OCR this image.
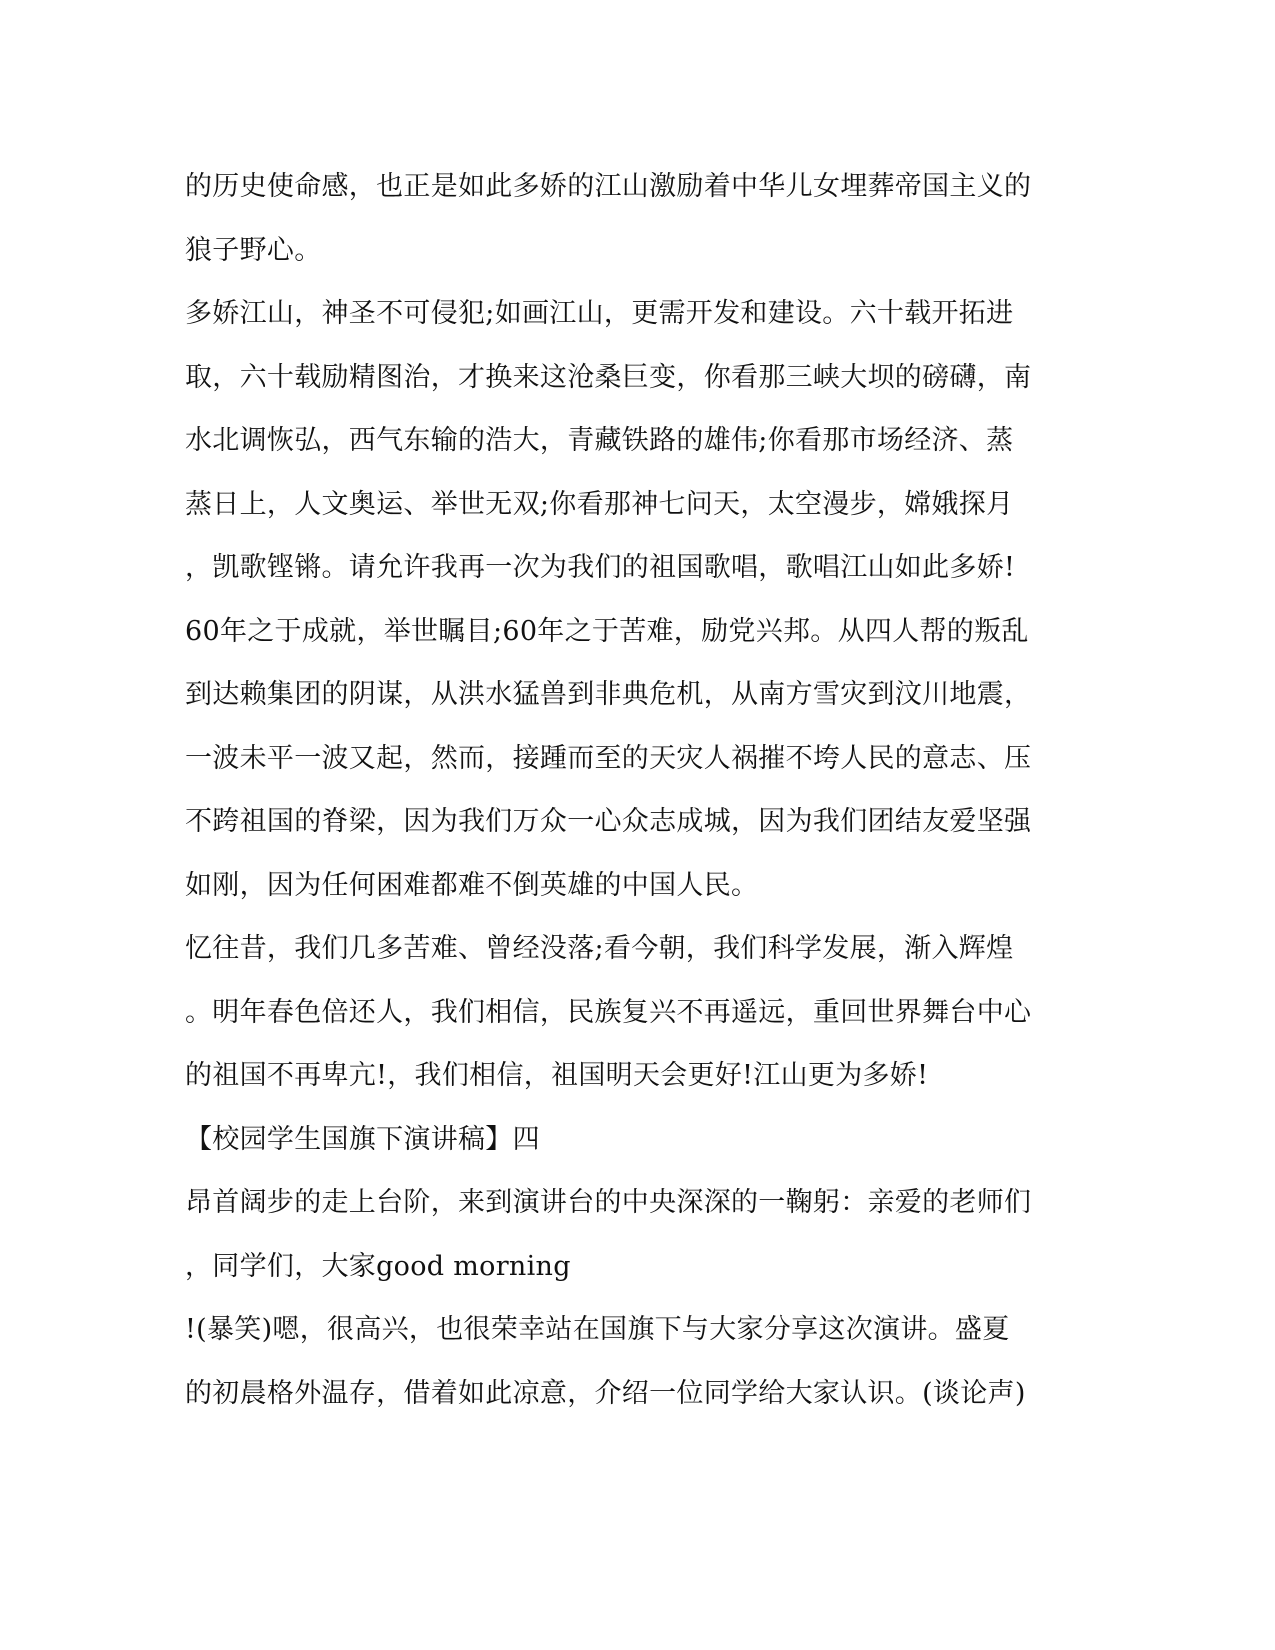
的历史使命感，也正是如此多娇的江山激励着中华儿女埋葬帝国主义的
狼子野心。
多娇江山，神圣不可侵犯;如画江山，更需开发和建设。六十载开拓进
取，六十载励精图治，才换来这沧桑巨变，你看那三峡大坝的磅礴，南
水北调恢弘，西气东输的浩大，青藏铁路的雄伟;你看那市场经济、蒸
蒸日上，人文奥运、举世无双;你看那神七问天，太空漫步，嫦娥探月
，凯歌铿锵。请允许我再一次为我们的祖国歌唱，歌唱江山如此多娇!
60年之于成就，举世瞩目;60年之于苦难，励党兴邦。从四人帮的叛乱
到达赖集团的阴谋，从洪水猛兽到非典危机，从南方雪灾到汶川地震，
一波未平一波又起，然而，接踵而至的天灾人祸摧不垮人民的意志、压
不跨祖国的脊梁，因为我们万众一心众志成城，因为我们团结友爱坚强
如刚，因为任何困难都难不倒英雄的中国人民。
忆往昔，我们几多苦难、曾经没落;看今朝，我们科学发展，渐入辉煌
。明年春色倍还人，我们相信，民族复兴不再遥远，重回世界舞台中心
的祖国不再卑亢!，我们相信，祖国明天会更好!江山更为多娇!
【校园学生国旗下演讲稿】四
昂首阔步的走上台阶，来到演讲台的中央深深的一鞠躬：亲爱的老师们
，同学们，大家good morning
!(暴笑)嗯，很高兴，也很荣幸站在国旗下与大家分享这次演讲。盛夏
的初晨格外温存，借着如此凉意，介绍一位同学给大家认识。(谈论声)
